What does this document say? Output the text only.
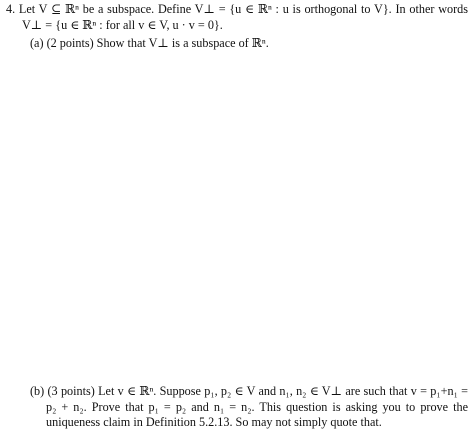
4. Let V ⊆ ℝⁿ be a subspace. Define V⊥ = {u ∈ ℝⁿ : u is orthogonal to V}. In other words
V⊥ = {u ∈ ℝⁿ : for all v ∈ V, u · v = 0}.
(a) (2 points) Show that V⊥ is a subspace of ℝⁿ.
(b) (3 points) Let v ∈ ℝⁿ. Suppose p₁, p₂ ∈ V and n₁, n₂ ∈ V⊥ are such that v = p₁+n₁ =
p₂ + n₂. Prove that p₁ = p₂ and n₁ = n₂. This question is asking you to prove the
uniqueness claim in Definition 5.2.13. So may not simply quote that.
